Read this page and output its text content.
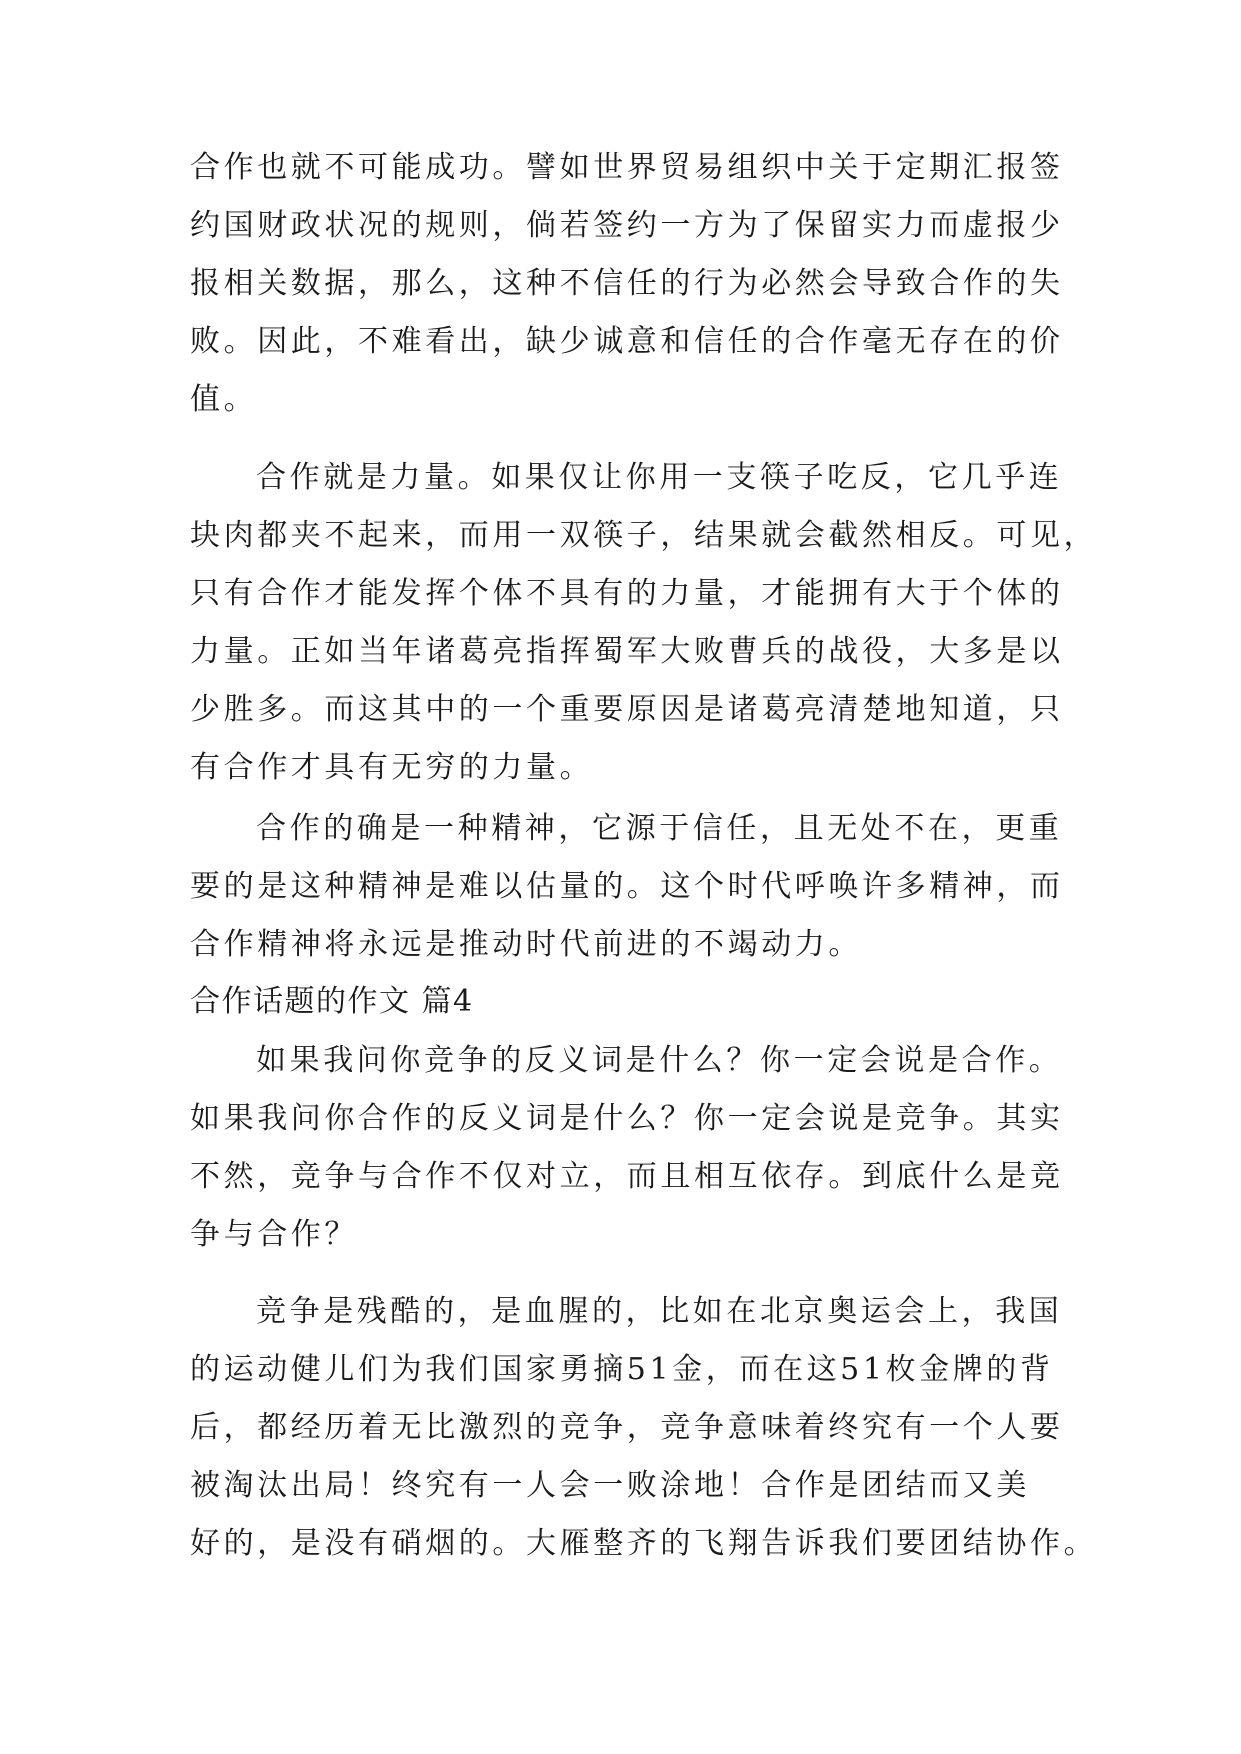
合作也就不可能成功。譬如世界贸易组织中关于定期汇报签
约国财政状况的规则，倘若签约一方为了保留实力而虚报少
报相关数据，那么，这种不信任的行为必然会导致合作的失
败。因此，不难看出，缺少诚意和信任的合作毫无存在的价
值。
合作就是力量。如果仅让你用一支筷子吃反，它几乎连
块肉都夹不起来，而用一双筷子，结果就会截然相反。可见，
只有合作才能发挥个体不具有的力量，才能拥有大于个体的
力量。正如当年诸葛亮指挥蜀军大败曹兵的战役，大多是以
少胜多。而这其中的一个重要原因是诸葛亮清楚地知道，只
有合作才具有无穷的力量。
合作的确是一种精神，它源于信任，且无处不在，更重
要的是这种精神是难以估量的。这个时代呼唤许多精神，而
合作精神将永远是推动时代前进的不竭动力。
合作话题的作文 篇4
如果我问你竞争的反义词是什么？你一定会说是合作。
如果我问你合作的反义词是什么？你一定会说是竞争。其实
不然，竞争与合作不仅对立，而且相互依存。到底什么是竞
争与合作？
竞争是残酷的，是血腥的，比如在北京奥运会上，我国
的运动健儿们为我们国家勇摘51金，而在这51枚金牌的背
后，都经历着无比激烈的竞争，竞争意味着终究有一个人要
被淘汰出局！终究有一人会一败涂地！合作是团结而又美
好的，是没有硝烟的。大雁整齐的飞翔告诉我们要团结协作。
